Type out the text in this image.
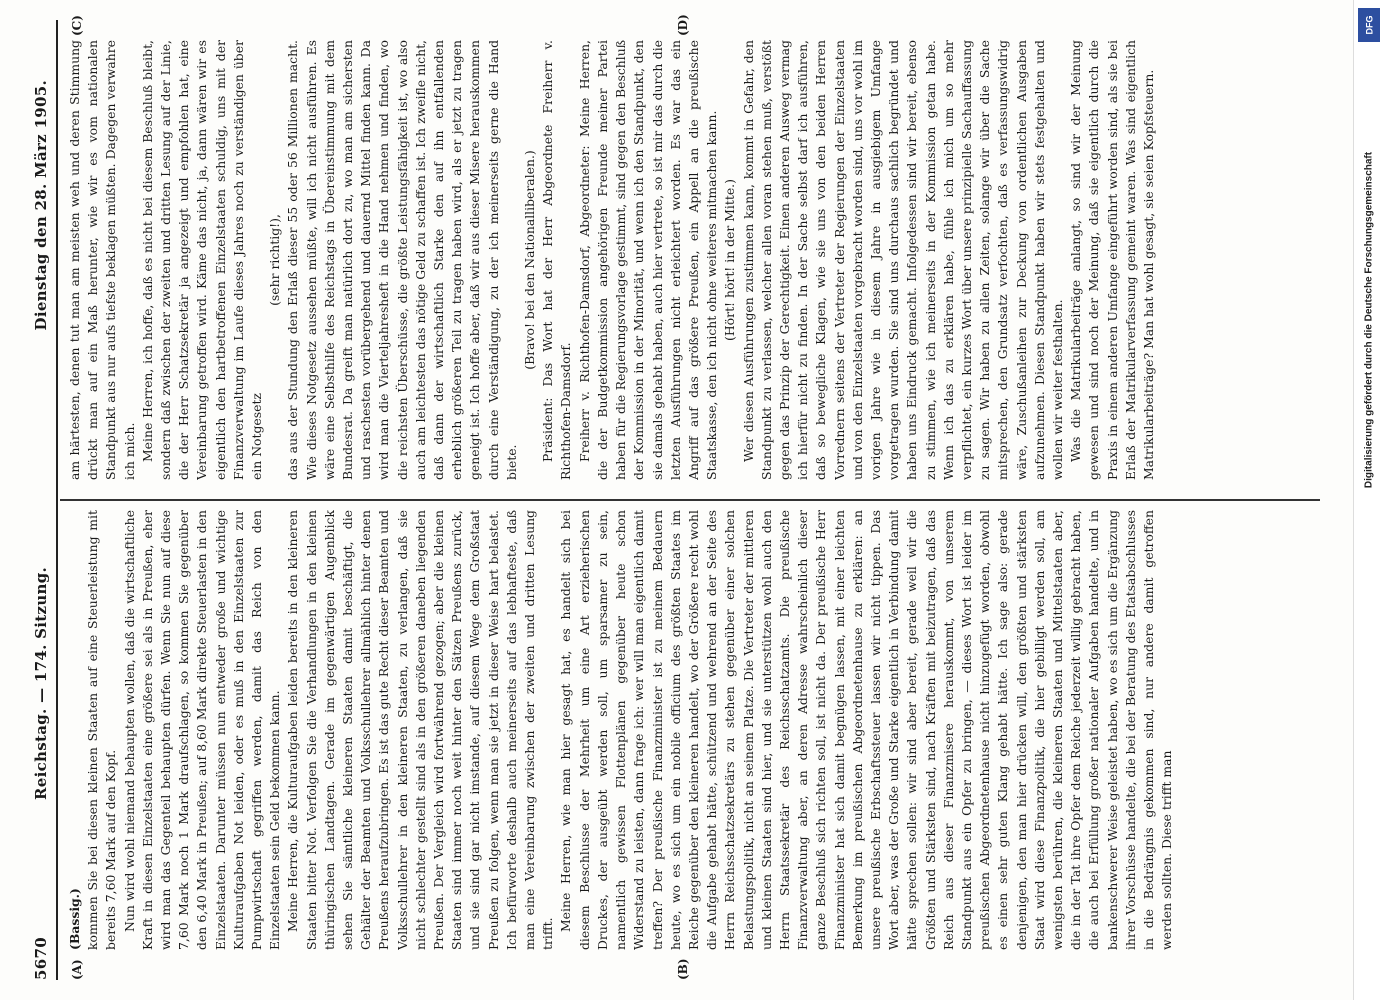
5670
Reichstag. — 174. Sitzung.
Dienstag den 28. März 1905.
(A)	(B)
(C)	(D)

(Bassig.) kommen Sie bei diesen kleinen Staaten auf eine Steuerleistung mit bereits 7,60 Mark auf den Kopf. Nun wird wohl niemand behaupten wollen, daß die wirtschaftliche Kraft in diesen Einzelstaaten eine größere sei als in Preußen, eher wird man das Gegenteil behaupten dürfen. Wenn Sie nun auf diese 7,60 Mark noch 1 Mark draufschlagen, so kommen Sie gegenüber den 6,40 Mark in Preußen; auf 8,60 Mark direkte Steuerlasten in den Einzelstaaten. Darunter müssen nun entweder große und wichtige Kulturaufgaben Not leiden, oder es muß in den Einzelstaaten zur Pumpwirtschaft gegriffen werden, damit das Reich von den Einzelstaaten sein Geld bekommen kann. Meine Herren, die Kulturaufgaben leiden bereits in den kleineren Staaten bitter Not. Verfolgen Sie die Verhandlungen in den kleinen thüringischen Landtagen. Gerade im gegenwärtigen Augenblick sehen Sie sämtliche kleineren Staaten damit beschäftigt, die Gehälter der Beamten und Volksschullehrer allmählich hinter denen Preußens heraufzubringen. Es ist das gute Recht dieser Beamten und Volksschullehrer in den kleineren Staaten, zu verlangen, daß sie nicht schlechter gestellt sind als in den größeren daneben liegenden Preußen. Der Vergleich wird fortwährend gezogen; aber die kleinen Staaten sind immer noch weit hinter den Sätzen Preußens zurück, und sie sind gar nicht imstande, auf diesem Wege dem Großstaat Preußen zu folgen, wenn man sie jetzt in dieser Weise hart belastet. Ich befürworte deshalb auch meinerseits auf das lebhafteste, daß man eine Vereinbarung zwischen der zweiten und dritten Lesung trifft.

Meine Herren, wie man hier gesagt hat, es handelt sich bei diesem Beschlusse der Mehrheit um eine Art erzieherischen Druckes, der ausgeübt werden soll, um sparsamer zu sein, namentlich gewissen Flottenplänen gegenüber heute schon Widerstand zu leisten, dann frage ich: wer will man eigentlich damit treffen? Der preußische Finanzminister ist zu meinem Bedauern heute, wo es sich um ein nobile officium des größten Staates im Reiche gegenüber den kleineren handelt, wo der Größere recht wohl die Aufgabe gehabt hätte, schützend und wehrend an der Seite des Herrn Reichsschatzsekretärs zu stehen gegenüber einer solchen Belastungspolitik, nicht an seinem Platze. Die Vertreter der mittleren und kleinen Staaten sind hier, und sie unterstützen wohl auch den Herrn Staatssekretär des Reichsschatzamts. Die preußische Finanzverwaltung aber, an deren Adresse wahrscheinlich dieser ganze Beschluß sich richten soll, ist nicht da. Der preußische Herr Finanzminister hat sich damit begnügen lassen, mit einer leichten Bemerkung im preußischen Abgeordnetenhause zu erklären: an unsere preußische Erbschaftssteuer lassen wir nicht tippen. Das Wort aber, was der Große und Starke eigentlich in Verbindung damit hätte sprechen sollen: wir sind aber bereit, gerade weil wir die Größten und Stärksten sind, nach Kräften mit beizutragen, daß das Reich aus dieser Finanzmisere herauskommt, von unserem Standpunkt aus ein Opfer zu bringen, — dieses Wort ist leider im preußischen Abgeordnetenhause nicht hinzugefügt worden, obwohl es einen sehr guten Klang gehabt hätte. Ich sage also: gerade denjenigen, den man hier drücken will, den größten und stärksten Staat wird diese Finanzpolitik, die hier gebilligt werden soll, am wenigsten berühren, die kleineren Staaten und Mittelstaaten aber, die in der Tat ihre Opfer dem Reiche jederzeit willig gebracht haben, die auch bei Erfüllung großer nationaler Aufgaben handelte, und in bankenschwerer Weise geleistet haben, wo es sich um die Ergänzung ihrer Vorschüsse handelte, die bei der Beratung des Etatsabschlusses in die Bedrängnis gekommen sind, nur andere damit getroffen werden sollten. Diese trifft man

am härtesten, denen tut man am meisten weh und deren Stimmung drückt man auf ein Maß herunter, wie wir es vom nationalen Standpunkt aus nur aufs tiefste beklagen müßten. Dagegen verwahre ich mich. Meine Herren, ich hoffe, daß es nicht bei diesem Beschluß bleibt, sondern daß zwischen der zweiten und dritten Lesung auf der Linie, die der Herr Schatzsekretär ja angezeigt und empfohlen hat, eine Vereinbarung getroffen wird. Käme das nicht, ja, dann wären wir es eigentlich den hartbetroffenen Einzelstaaten schuldig, uns mit der Finanzverwaltung im Laufe dieses Jahres noch zu verständigen über ein Notgesetz

(sehr richtig!), das aus der Stundung den Erlaß dieser 55 oder 56 Millionen macht. Wie dieses Notgesetz aussehen müßte, will ich nicht ausführen. Es wäre eine Selbsthilfe des Reichstags in Übereinstimmung mit dem Bundesrat. Da greift man natürlich dort zu, wo man am sichersten und raschesten vorübergehend und dauernd Mittel finden kann. Da wird man die Vierteljahresheft in die Hand nehmen und finden, wo die reichsten Überschüsse, die größte Leistungsfähigkeit ist, wo also auch am leichtesten das nötige Geld zu schaffen ist. Ich zweifle nicht, daß dann der wirtschaftlich Starke den auf ihn entfallenden erheblich größeren Teil zu tragen haben wird, als er jetzt zu tragen geneigt ist. Ich hoffe aber, daß wir aus dieser Misere herauskommen durch eine Verständigung, zu der ich meinerseits gerne die Hand biete.

(Bravo! bei den Nationalliberalen.) Präsident: Das Wort hat der Herr Abgeordnete Freiherr v. Richthofen-Damsdorf. Freiherr v. Richthofen-Damsdorf, Abgeordneter: Meine Herren, die der Budgetkommission angehörigen Freunde meiner Partei haben für die Regierungsvorlage gestimmt, sind gegen den Beschluß der Kommission in der Minorität, und wenn ich den Standpunkt, den sie damals gehabt haben, auch hier vertrete, so ist mir das durch die letzten Ausführungen nicht erleichtert worden. Es war das ein Angriff auf das größere Preußen, ein Appell an die preußische Staatskasse, den ich nicht ohne weiteres mitmachen kann. (Hört! hört! in der Mitte.) Wer diesen Ausführungen zustimmen kann, kommt in Gefahr, den Standpunkt zu verlassen, welcher allen voran stehen muß, verstößt gegen das Prinzip der Gerechtigkeit. Einen anderen Ausweg vermag ich hierfür nicht zu finden. In der Sache selbst darf ich ausführen, daß so bewegliche Klagen, wie sie uns von den beiden Herren Vorrednern seitens der Vertreter der Regierungen der Einzelstaaten und von den Einzelstaaten vorgebracht worden sind, uns vor wohl im vorigen Jahre wie in diesem Jahre in ausgiebigem Umfange vorgetragen wurden. Sie sind uns durchaus sachlich begründet und haben uns Eindruck gemacht. Infolgedessen sind wir bereit, ebenso zu stimmen, wie ich meinerseits in der Kommission getan habe. Wenn ich das zu erklären habe, fühle ich mich um so mehr verpflichtet, ein kurzes Wort über unsere prinzipielle Sachauffassung zu sagen. Wir haben zu allen Zeiten, solange wir über die Sache mitsprechen, den Grundsatz verfochten, daß es verfassungswidrig wäre, Zuschußanleihen zur Deckung von ordentlichen Ausgaben aufzunehmen. Diesen Standpunkt haben wir stets festgehalten und wollen wir weiter festhalten. Was die Matrikularbeiträge anlangt, so sind wir der Meinung gewesen und sind noch der Meinung, daß sie eigentlich durch die Praxis in einem anderen Umfange eingeführt worden sind, als sie bei Erlaß der Matrikularverfassung gemeint waren. Was sind eigentlich Matrikularbeiträge? Man hat wohl gesagt, sie seien Kopfsteuern.

DFG
Digitalisierung gefördert durch die Deutsche Forschungsgemeinschaft
